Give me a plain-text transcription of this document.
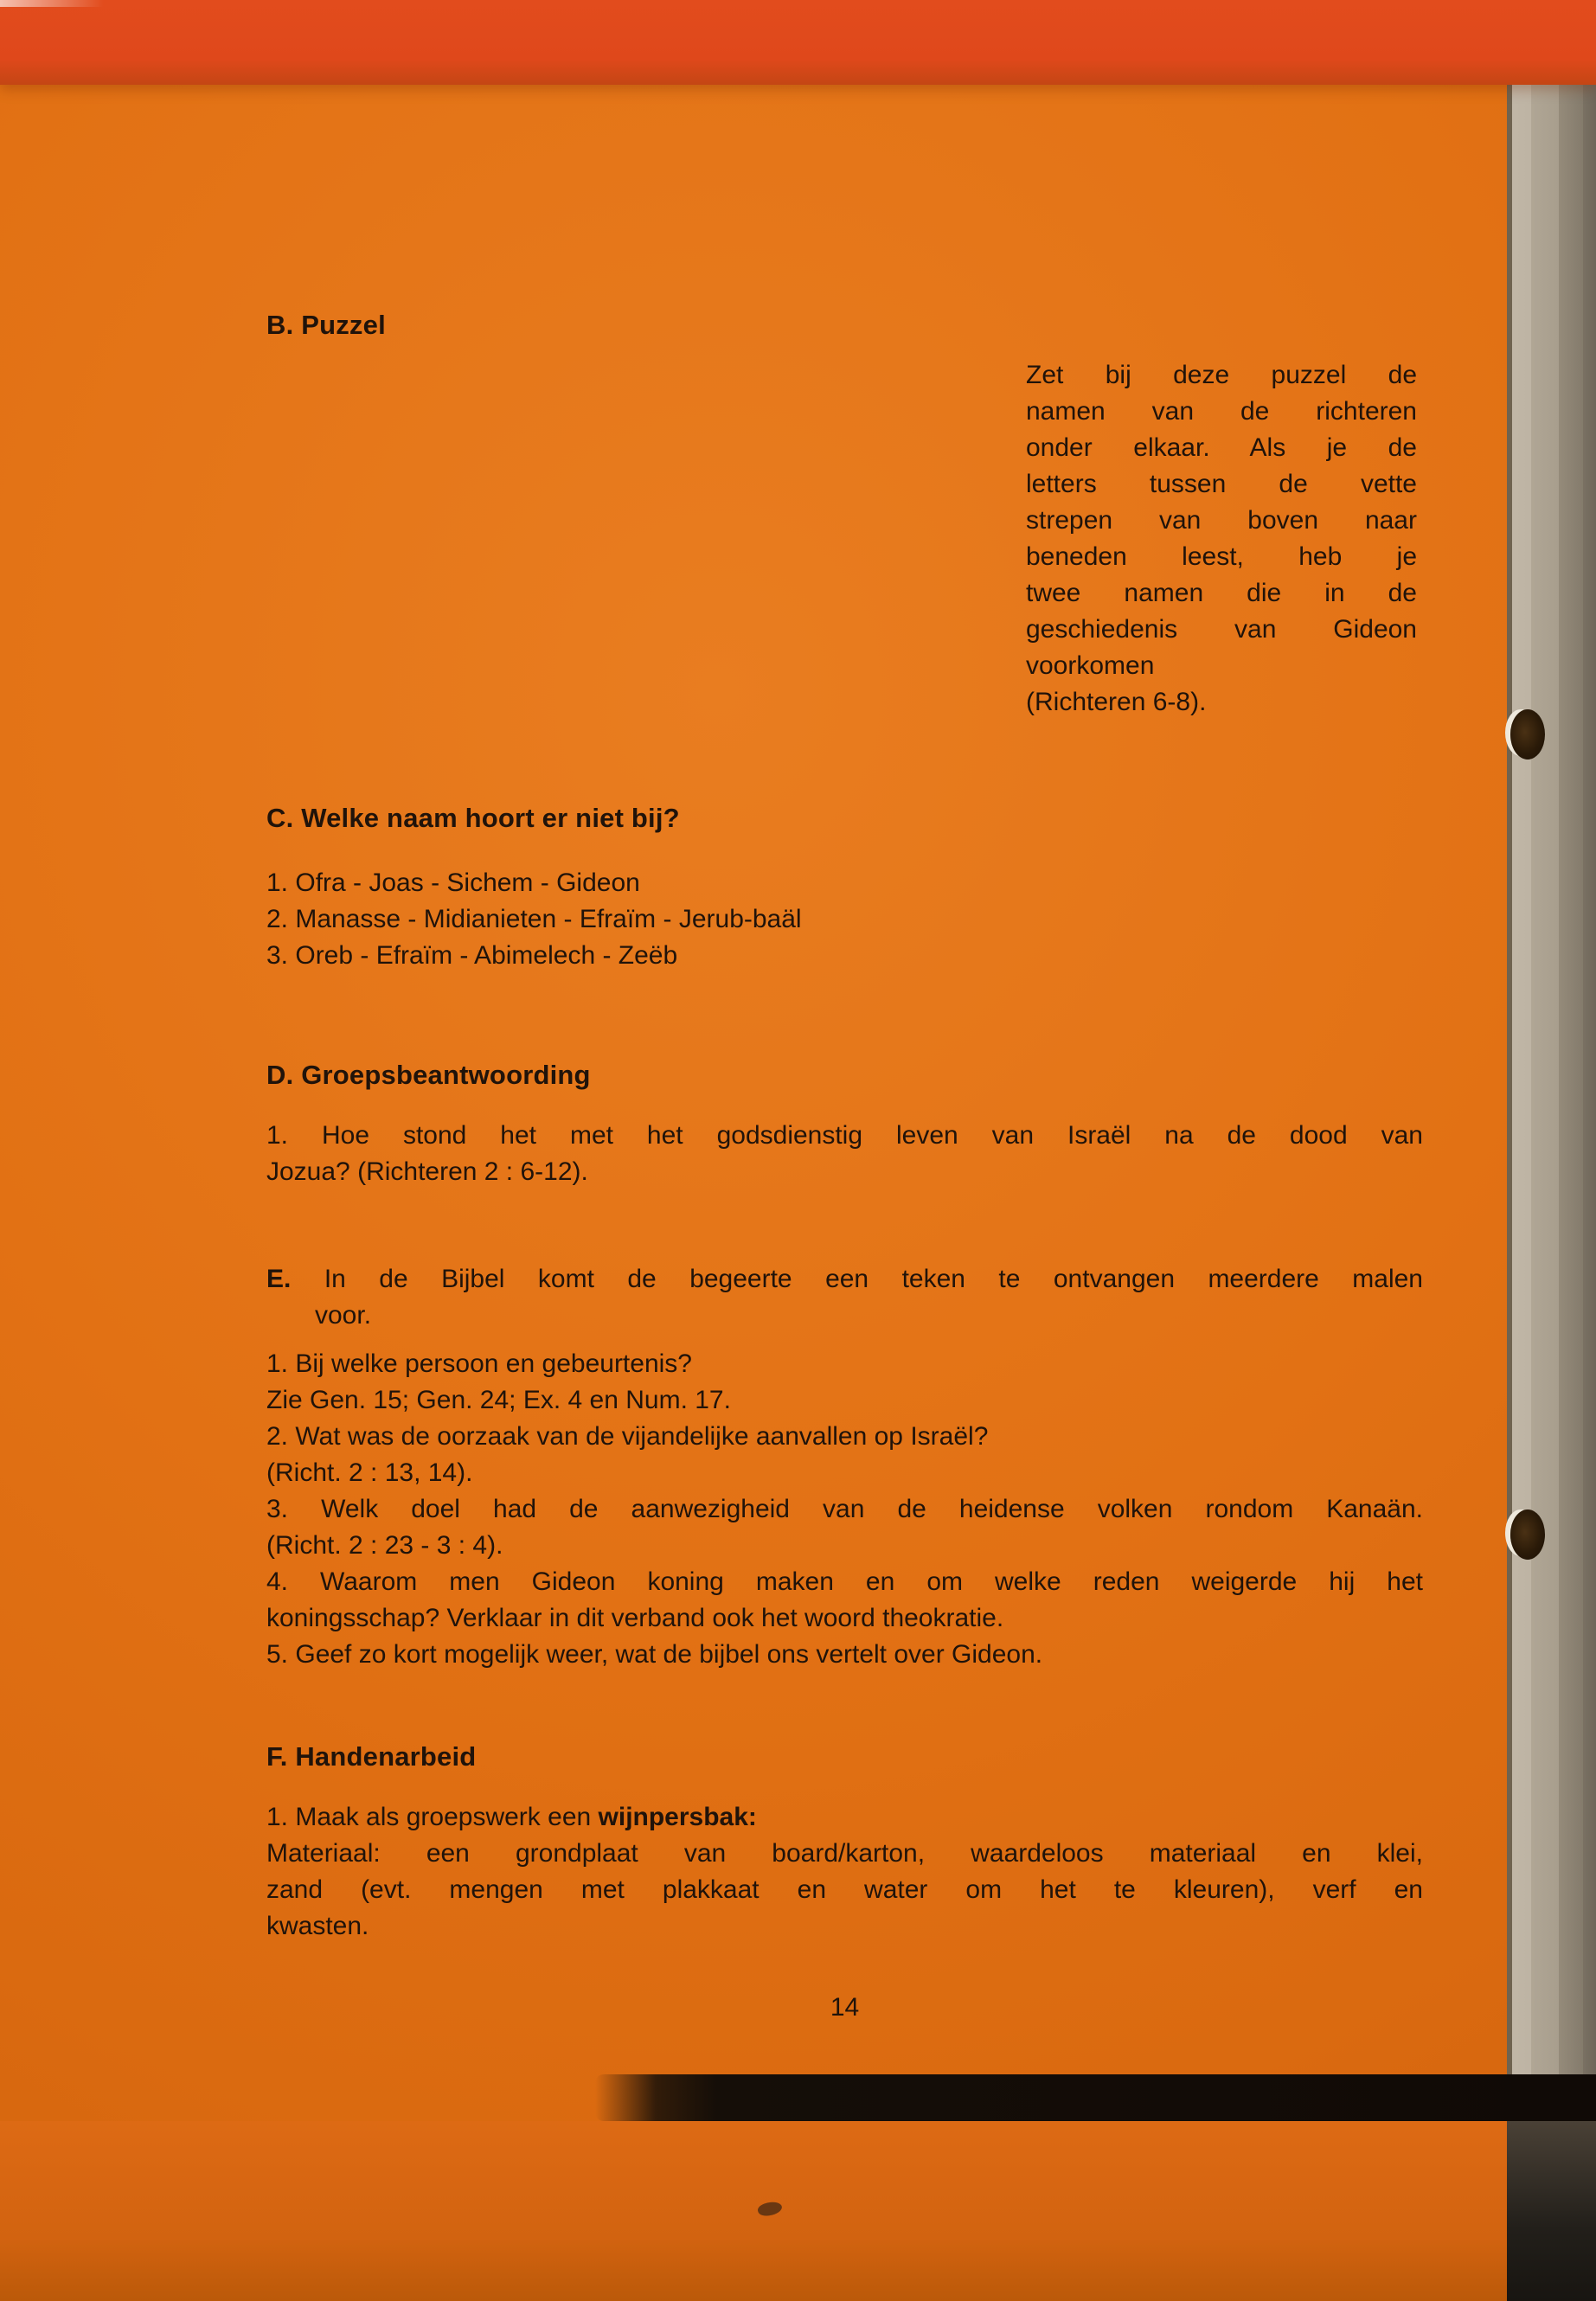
B. Puzzel
Zet bij deze puzzel de
namen van de richteren
onder elkaar. Als je de
letters tussen de vette
strepen van boven naar
beneden leest, heb je
twee namen die in de
geschiedenis van Gideon
voorkomen
(Richteren 6-8).
C. Welke naam hoort er niet bij?
1. Ofra - Joas - Sichem - Gideon
2. Manasse - Midianieten - Efraïm - Jerub-baäl
3. Oreb - Efraïm - Abimelech - Zeëb
D. Groepsbeantwoording
1. Hoe stond het met het godsdienstig leven van Israël na de dood van
Jozua? (Richteren 2 : 6-12).
E. In de Bijbel komt de begeerte een teken te ontvangen meerdere malen
voor.
1. Bij welke persoon en gebeurtenis?
Zie Gen. 15; Gen. 24; Ex. 4 en Num. 17.
2. Wat was de oorzaak van de vijandelijke aanvallen op Israël?
(Richt. 2 : 13, 14).
3. Welk doel had de aanwezigheid van de heidense volken rondom Kanaän.
(Richt. 2 : 23 - 3 : 4).
4. Waarom men Gideon koning maken en om welke reden weigerde hij het
koningsschap? Verklaar in dit verband ook het woord theokratie.
5. Geef zo kort mogelijk weer, wat de bijbel ons vertelt over Gideon.
F. Handenarbeid
1. Maak als groepswerk een wijnpersbak:
Materiaal: een grondplaat van board/karton, waardeloos materiaal en klei,
zand (evt. mengen met plakkaat en water om het te kleuren), verf en
kwasten.
14
